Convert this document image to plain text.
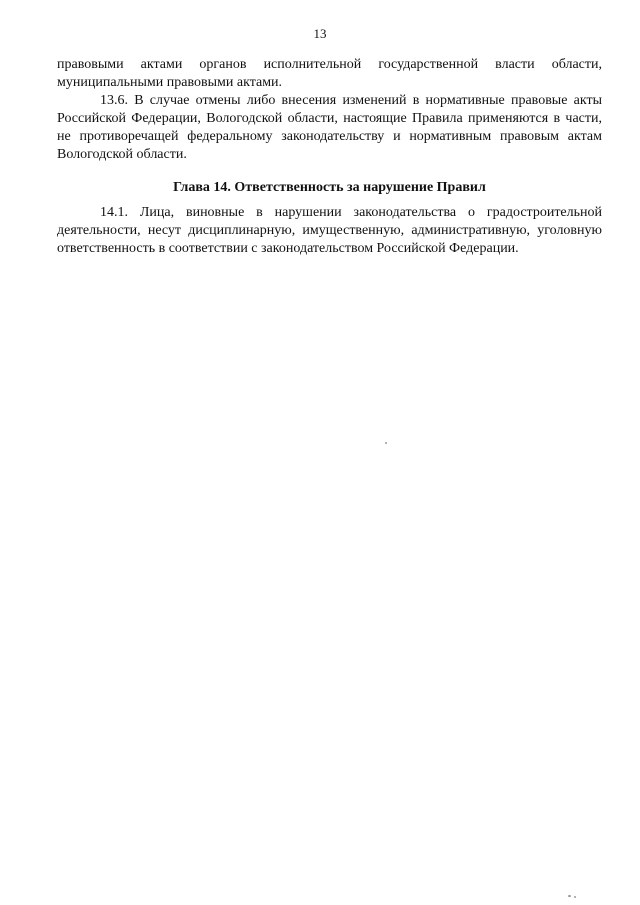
13

правовыми актами органов исполнительной государственной власти области, муниципальными правовыми актами.

13.6. В случае отмены либо внесения изменений в нормативные правовые акты Российской Федерации, Вологодской области, настоящие Правила применяются в части, не противоречащей федеральному законодательству и нормативным правовым актам Вологодской области.

Глава 14. Ответственность за нарушение Правил

14.1. Лица, виновные в нарушении законодательства о градостроительной деятельности, несут дисциплинарную, имущественную, административную, уголовную ответственность в соответствии с законодательством Российской Федерации.
